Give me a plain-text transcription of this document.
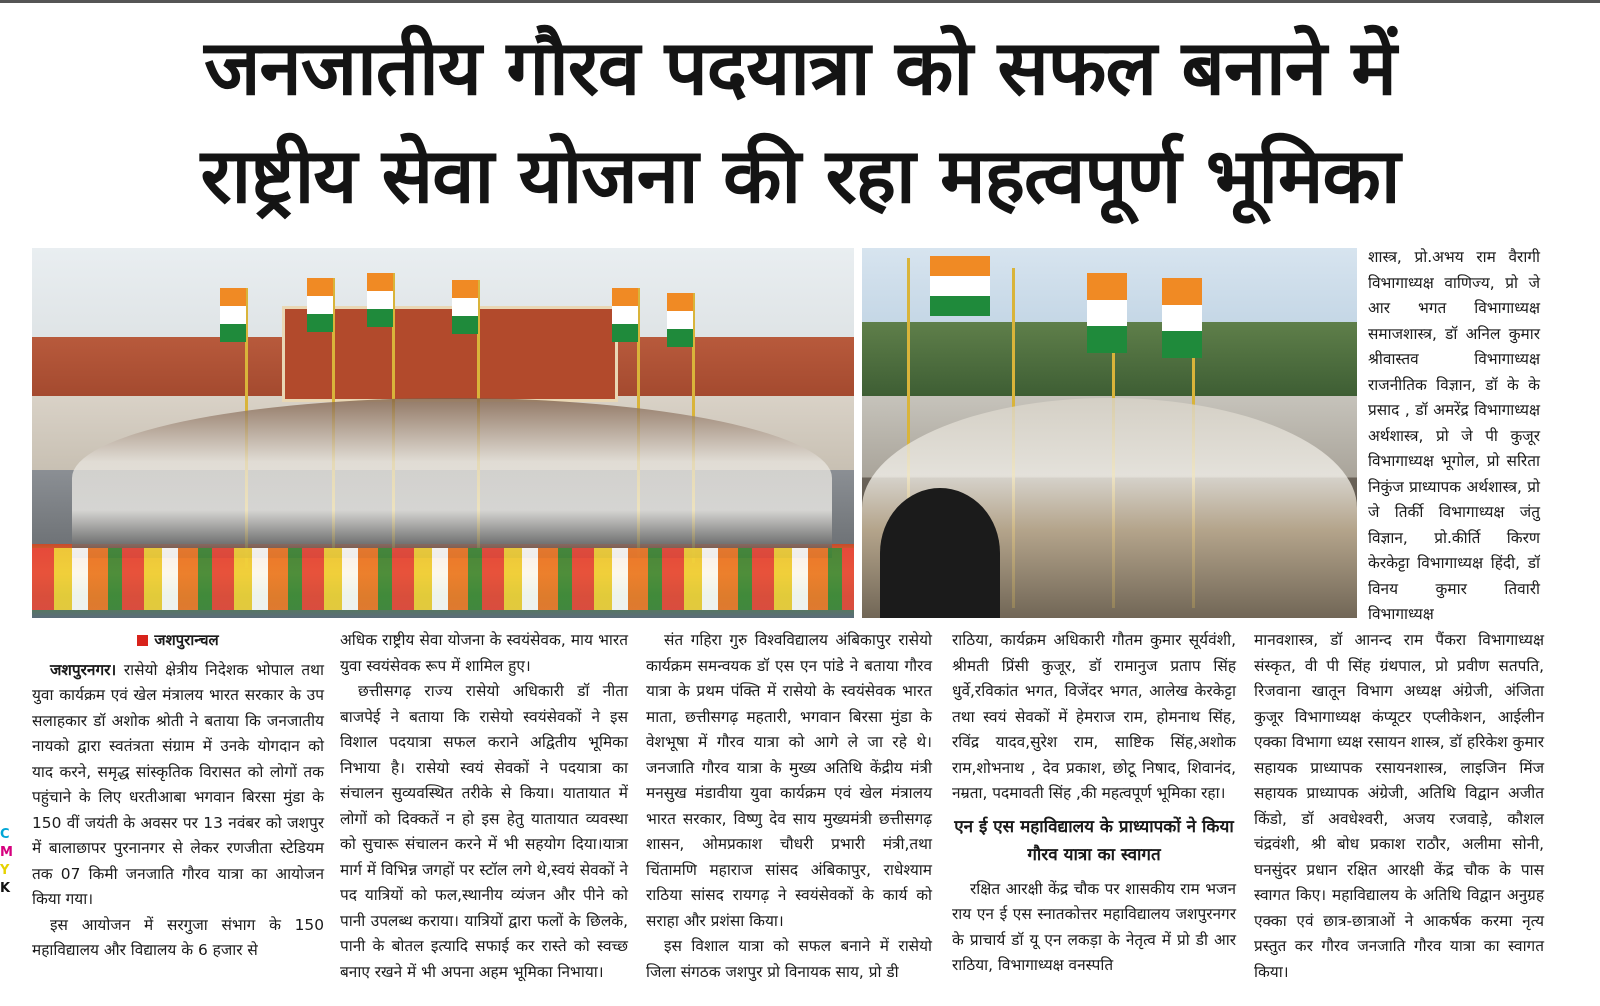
जनजातीय गौरव पदयात्रा को सफल बनाने में
राष्ट्रीय सेवा योजना की रहा महत्वपूर्ण भूमिका

शास्त्र, प्रो.अभय राम वैरागी विभागाध्यक्ष वाणिज्य, प्रो जे आर भगत विभागाध्यक्ष समाजशास्त्र, डॉ अनिल कुमार श्रीवास्तव विभागाध्यक्ष राजनीतिक विज्ञान, डॉ के के प्रसाद , डॉ अमरेंद्र विभागाध्यक्ष अर्थशास्त्र, प्रो जे पी कुजूर विभागाध्यक्ष भूगोल, प्रो सरिता निकुंज प्राध्यापक अर्थशास्त्र, प्रो जे तिर्की विभागाध्यक्ष जंतु विज्ञान, प्रो.कीर्ति किरण केरकेट्टा विभागाध्यक्ष हिंदी, डॉ विनय कुमार तिवारी विभागाध्यक्ष

जशपुरान्चल

जशपुरनगर। रासेयो क्षेत्रीय निदेशक भोपाल तथा युवा कार्यक्रम एवं खेल मंत्रालय भारत सरकार के उप सलाहकार डॉ अशोक श्रोती ने बताया कि जनजातीय नायको द्वारा स्वतंत्रता संग्राम में उनके योगदान को याद करने, समृद्ध सांस्कृतिक विरासत को लोगों तक पहुंचाने के लिए धरतीआबा भगवान बिरसा मुंडा के 150 वीं जयंती के अवसर पर 13 नवंबर को जशपुर में बालाछापर पुरनानगर से लेकर रणजीता स्टेडियम तक 07 किमी जनजाति गौरव यात्रा का आयोजन किया गया।

इस आयोजन में सरगुजा संभाग के 150 महाविद्यालय और विद्यालय के 6 हजार से

अधिक राष्ट्रीय सेवा योजना के स्वयंसेवक, माय भारत युवा स्वयंसेवक रूप में शामिल हुए।

छत्तीसगढ़ राज्य रासेयो अधिकारी डॉ नीता बाजपेई ने बताया कि रासेयो स्वयंसेवकों ने इस विशाल पदयात्रा सफल कराने अद्वितीय भूमिका निभाया है। रासेयो स्वयं सेवकों ने पदयात्रा का संचालन सुव्यवस्थित तरीके से किया। यातायात में लोगों को दिक्कतें न हो इस हेतु यातायात व्यवस्था को सुचारू संचालन करने में भी सहयोग दिया।यात्रा मार्ग में विभिन्न जगहों पर स्टॉल लगे थे,स्वयं सेवकों ने पद यात्रियों को फल,स्थानीय व्यंजन और पीने को पानी उपलब्ध कराया। यात्रियों द्वारा फलों के छिलके, पानी के बोतल इत्यादि सफाई कर रास्ते को स्वच्छ बनाए रखने में भी अपना अहम भूमिका निभाया।

संत गहिरा गुरु विश्वविद्यालय अंबिकापुर रासेयो कार्यक्रम समन्वयक डॉ एस एन पांडे ने बताया गौरव यात्रा के प्रथम पंक्ति में रासेयो के स्वयंसेवक भारत माता, छत्तीसगढ़ महतारी, भगवान बिरसा मुंडा के वेशभूषा में गौरव यात्रा को आगे ले जा रहे थे। जनजाति गौरव यात्रा के मुख्य अतिथि केंद्रीय मंत्री मनसुख मंडावीया युवा कार्यक्रम एवं खेल मंत्रालय भारत सरकार, विष्णु देव साय मुख्यमंत्री छत्तीसगढ़ शासन, ओमप्रकाश चौधरी प्रभारी मंत्री,तथा चिंतामणि महाराज सांसद अंबिकापुर, राधेश्याम राठिया सांसद रायगढ़ ने स्वयंसेवकों के कार्य को सराहा और प्रशंसा किया।

इस विशाल यात्रा को सफल बनाने में रासेयो जिला संगठक जशपुर प्रो विनायक साय, प्रो डी

राठिया, कार्यक्रम अधिकारी गौतम कुमार सूर्यवंशी, श्रीमती प्रिंसी कुजूर, डॉ रामानुज प्रताप सिंह धुर्वे,रविकांत भगत, विजेंदर भगत, आलेख केरकेट्टा तथा स्वयं सेवकों में हेमराज राम, होमनाथ सिंह, रविंद्र यादव,सुरेश राम, साष्टिक सिंह,अशोक राम,शोभनाथ , देव प्रकाश, छोटू निषाद, शिवानंद, नम्रता, पदमावती सिंह ,की महत्वपूर्ण भूमिका रहा।

एन ई एस महाविद्यालय के प्राध्यापकों ने किया गौरव यात्रा का स्वागत

रक्षित आरक्षी केंद्र चौक पर शासकीय राम भजन राय एन ई एस स्नातकोत्तर महाविद्यालय जशपुरनगर के प्राचार्य डॉ यू एन लकड़ा के नेतृत्व में प्रो डी आर राठिया, विभागाध्यक्ष वनस्पति

मानवशास्त्र, डॉ आनन्द राम पैंकरा विभागाध्यक्ष संस्कृत, वी पी सिंह ग्रंथपाल, प्रो प्रवीण सतपति, रिजवाना खातून विभाग अध्यक्ष अंग्रेजी, अंजिता कुजूर विभागाध्यक्ष कंप्यूटर एप्लीकेशन, आईलीन एक्का विभागा ध्यक्ष रसायन शास्त्र, डॉ हरिकेश कुमार सहायक प्राध्यापक रसायनशास्त्र, लाइजिन मिंज सहायक प्राध्यापक अंग्रेजी, अतिथि विद्वान अजीत किंडो, डॉ अवधेश्वरी, अजय रजवाड़े, कौशल चंद्रवंशी, श्री बोध प्रकाश राठौर, अलीमा सोनी, घनसुंदर प्रधान रक्षित आरक्षी केंद्र चौक के पास स्वागत किए। महाविद्यालय के अतिथि विद्वान अनुग्रह एक्का एवं छात्र-छात्राओं ने आकर्षक करमा नृत्य प्रस्तुत कर गौरव जनजाति गौरव यात्रा का स्वागत किया।

C
M
Y
K
